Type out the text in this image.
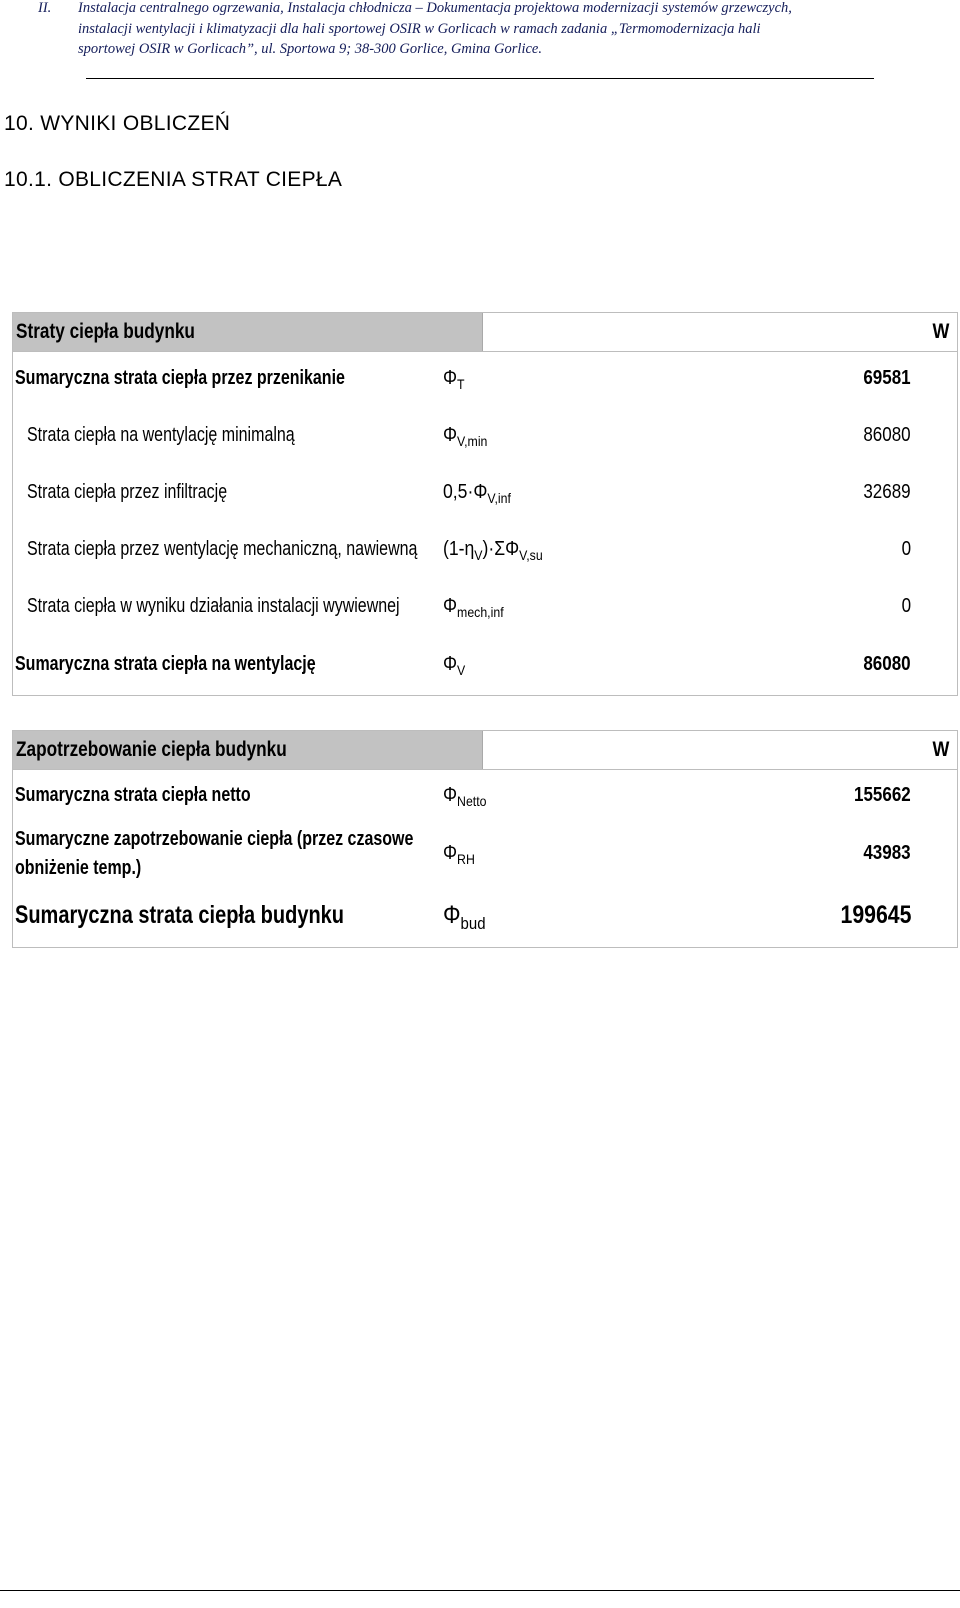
II. Instalacja centralnego ogrzewania, Instalacja chłodnicza – Dokumentacja projektowa modernizacji systemów grzewczych,
instalacji wentylacji i klimatyzacji dla hali sportowej OSIR w Gorlicach w ramach zadania „Termomodernizacja hali
sportowej OSIR w Gorlicach”, ul. Sportowa 9; 38-300 Gorlice, Gmina Gorlice.
10. WYNIKI OBLICZEŃ
10.1. OBLICZENIA STRAT CIEPŁA
Straty ciepła budynku	W
Sumaryczna strata ciepła przez przenikanie	$\Phi_T$	69581
Strata ciepła na wentylację minimalną	$\Phi_{V,min}$	86080
Strata ciepła przez infiltrację	$0,5\cdot\Phi_{V,inf}$	32689
Strata ciepła przez wentylację mechaniczną, nawiewną $(1-\eta_V)\cdot\Sigma\Phi_{V,su}$	0
Strata ciepła w wyniku działania instalacji wywiewnej $\Phi_{mech,inf}$	0
Sumaryczna strata ciepła na wentylację	$\Phi_V$	86080
Zapotrzebowanie ciepła budynku	W
Sumaryczna strata ciepła netto	$\Phi_{Netto}$	155662
Sumaryczne zapotrzebowanie ciepła (przez czasowe
obniżenie temp.)
$\Phi_{RH}$	43983
Sumaryczna strata ciepła budynku	$\Phi_{bud}$	199645
